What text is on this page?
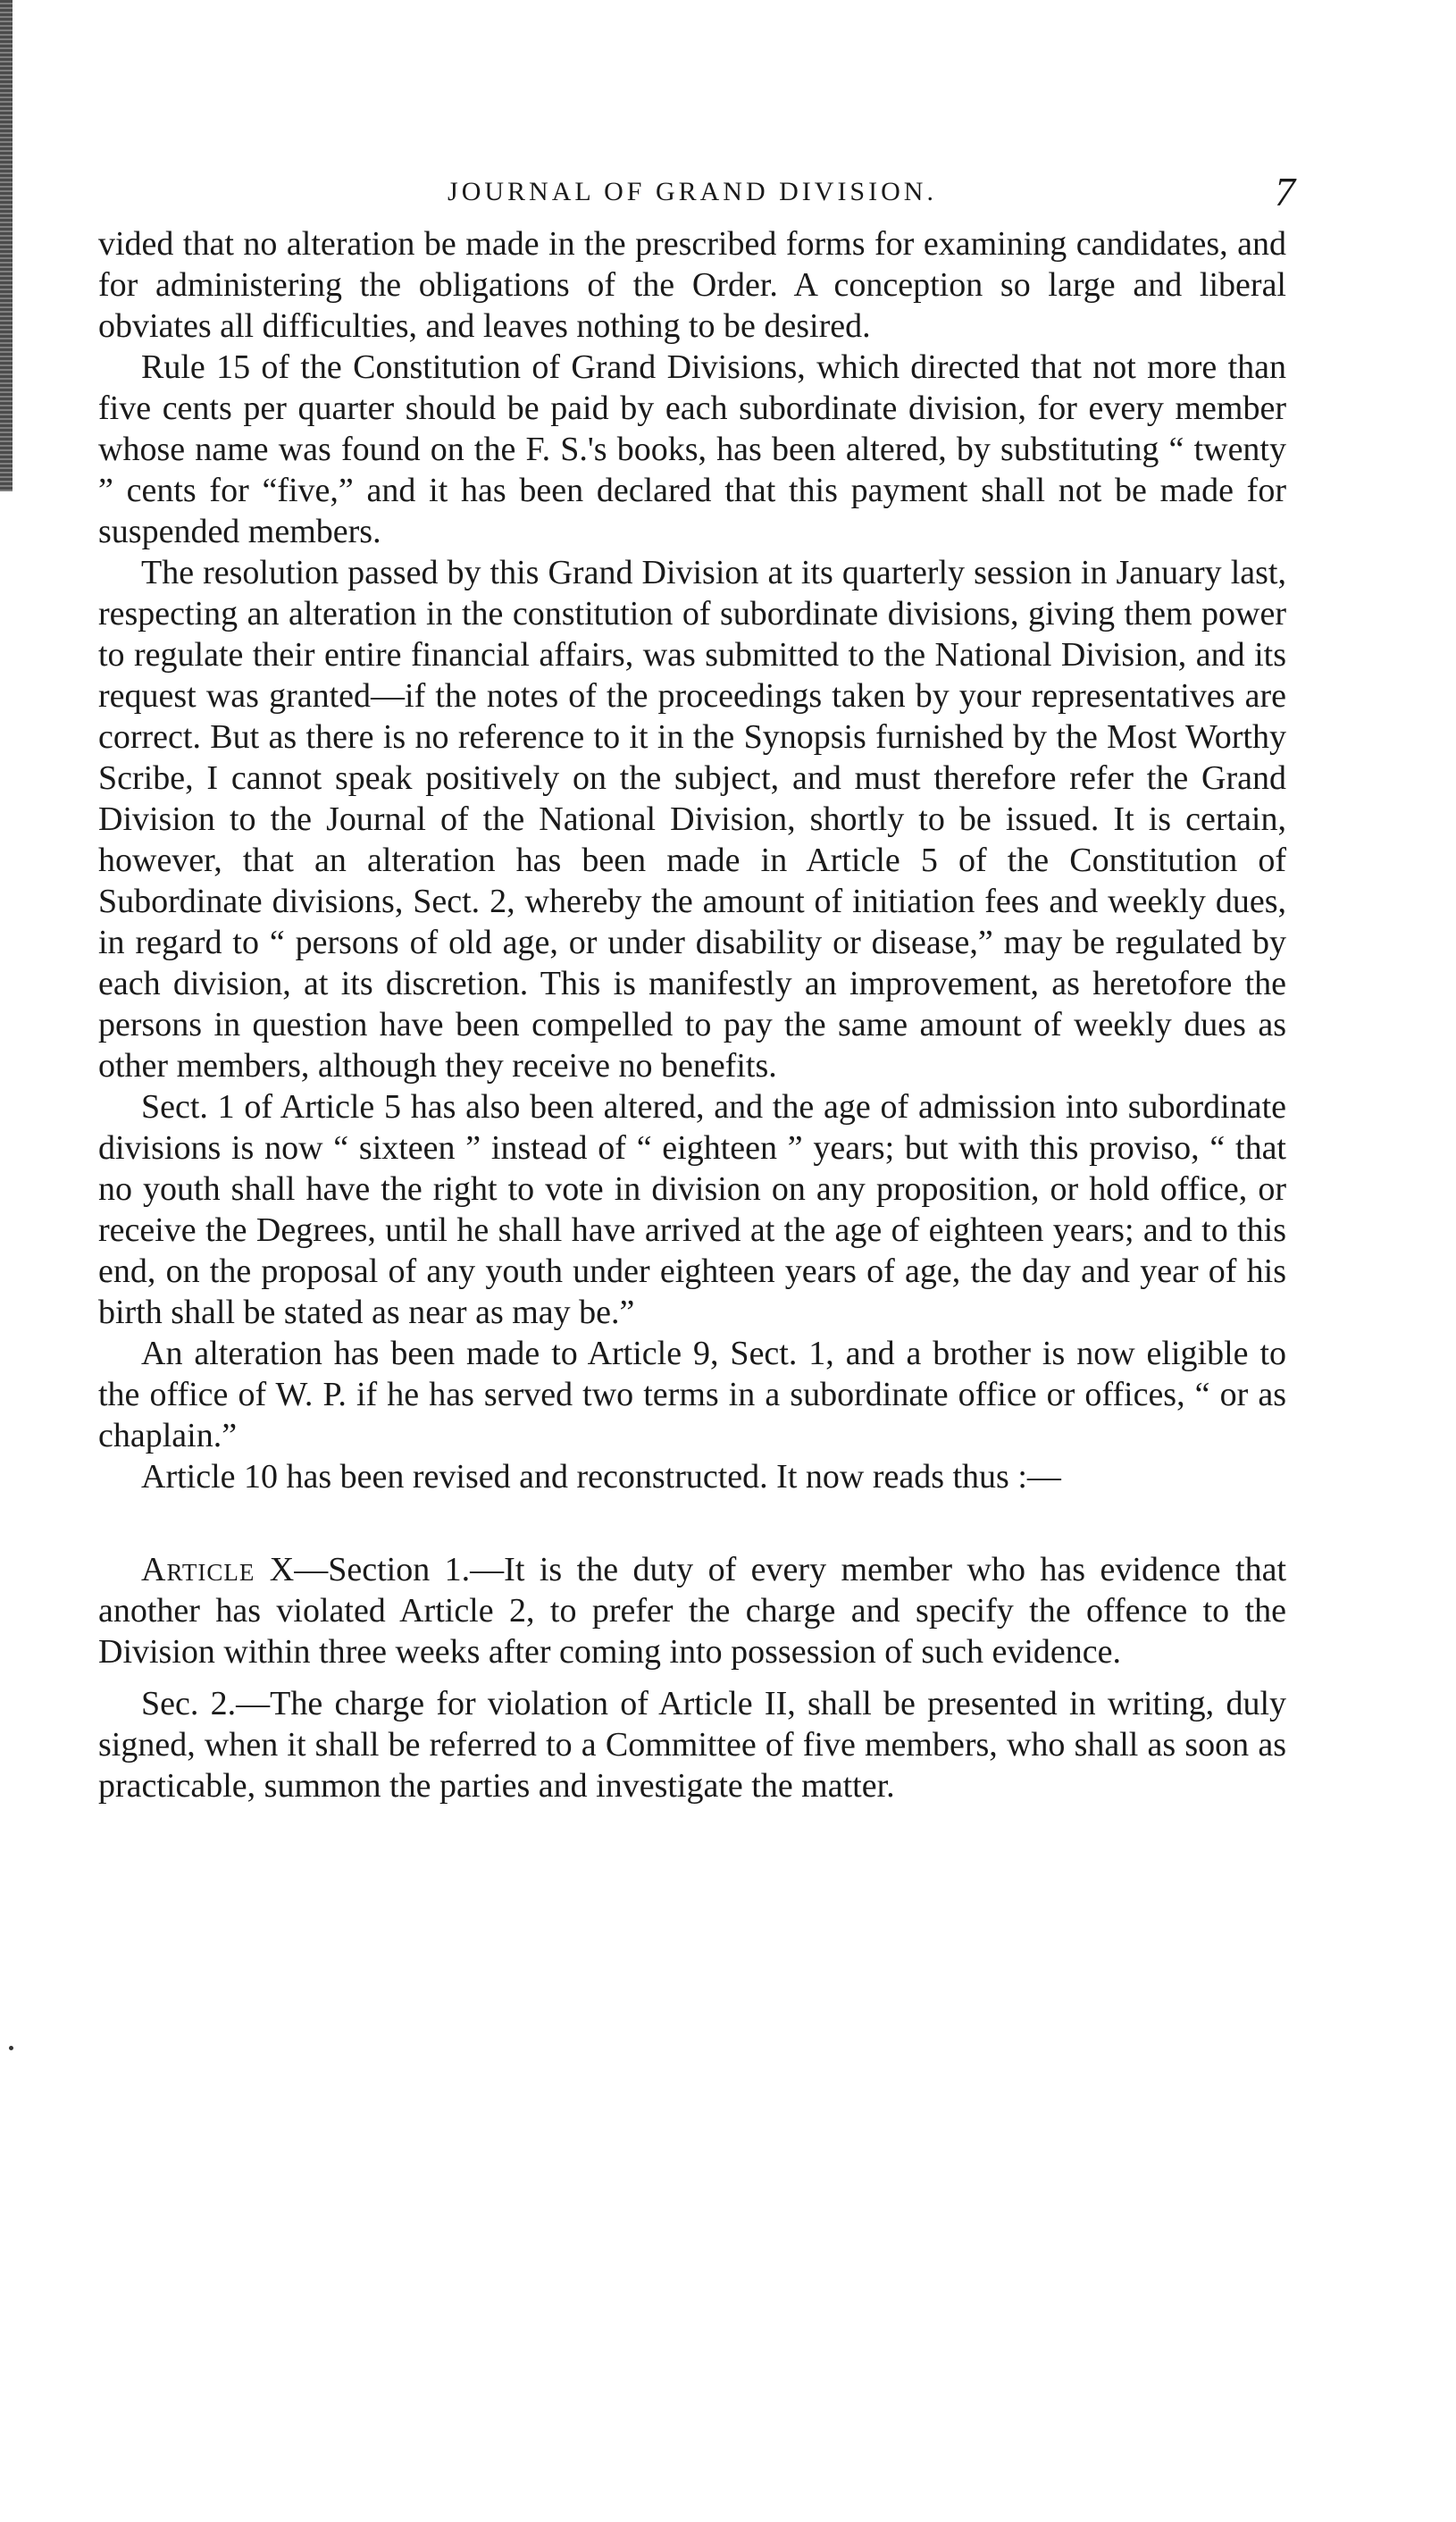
JOURNAL OF GRAND DIVISION.	7

vided that no alteration be made in the prescribed forms for examining candidates, and for administering the obligations of the Order. A conception so large and liberal obviates all difficulties, and leaves nothing to be desired.

Rule 15 of the Constitution of Grand Divisions, which directed that not more than five cents per quarter should be paid by each subordinate division, for every member whose name was found on the F. S.'s books, has been altered, by substituting “ twenty ” cents for “five,” and it has been declared that this payment shall not be made for suspended members.

The resolution passed by this Grand Division at its quarterly session in January last, respecting an alteration in the constitution of subordinate divisions, giving them power to regulate their entire financial affairs, was submitted to the National Division, and its request was granted—if the notes of the proceedings taken by your representatives are correct. But as there is no reference to it in the Synopsis furnished by the Most Worthy Scribe, I cannot speak positively on the subject, and must therefore refer the Grand Division to the Journal of the National Division, shortly to be issued. It is certain, however, that an alteration has been made in Article 5 of the Constitution of Subordinate divisions, Sect. 2, whereby the amount of initiation fees and weekly dues, in regard to “ persons of old age, or under disability or disease,” may be regulated by each division, at its discretion. This is manifestly an improvement, as heretofore the persons in question have been compelled to pay the same amount of weekly dues as other members, although they receive no benefits.

Sect. 1 of Article 5 has also been altered, and the age of admission into subordinate divisions is now “ sixteen ” instead of “ eighteen ” years; but with this proviso, “ that no youth shall have the right to vote in division on any proposition, or hold office, or receive the Degrees, until he shall have arrived at the age of eighteen years; and to this end, on the proposal of any youth under eighteen years of age, the day and year of his birth shall be stated as near as may be.”

An alteration has been made to Article 9, Sect. 1, and a brother is now eligible to the office of W. P. if he has served two terms in a subordinate office or offices, “ or as chaplain.”

Article 10 has been revised and reconstructed. It now reads thus :—

Article X—Section 1.—It is the duty of every member who has evidence that another has violated Article 2, to prefer the charge and specify the offence to the Division within three weeks after coming into possession of such evidence.

Sec. 2.—The charge for violation of Article II, shall be presented in writing, duly signed, when it shall be referred to a Committee of five members, who shall as soon as practicable, summon the parties and investigate the matter.
